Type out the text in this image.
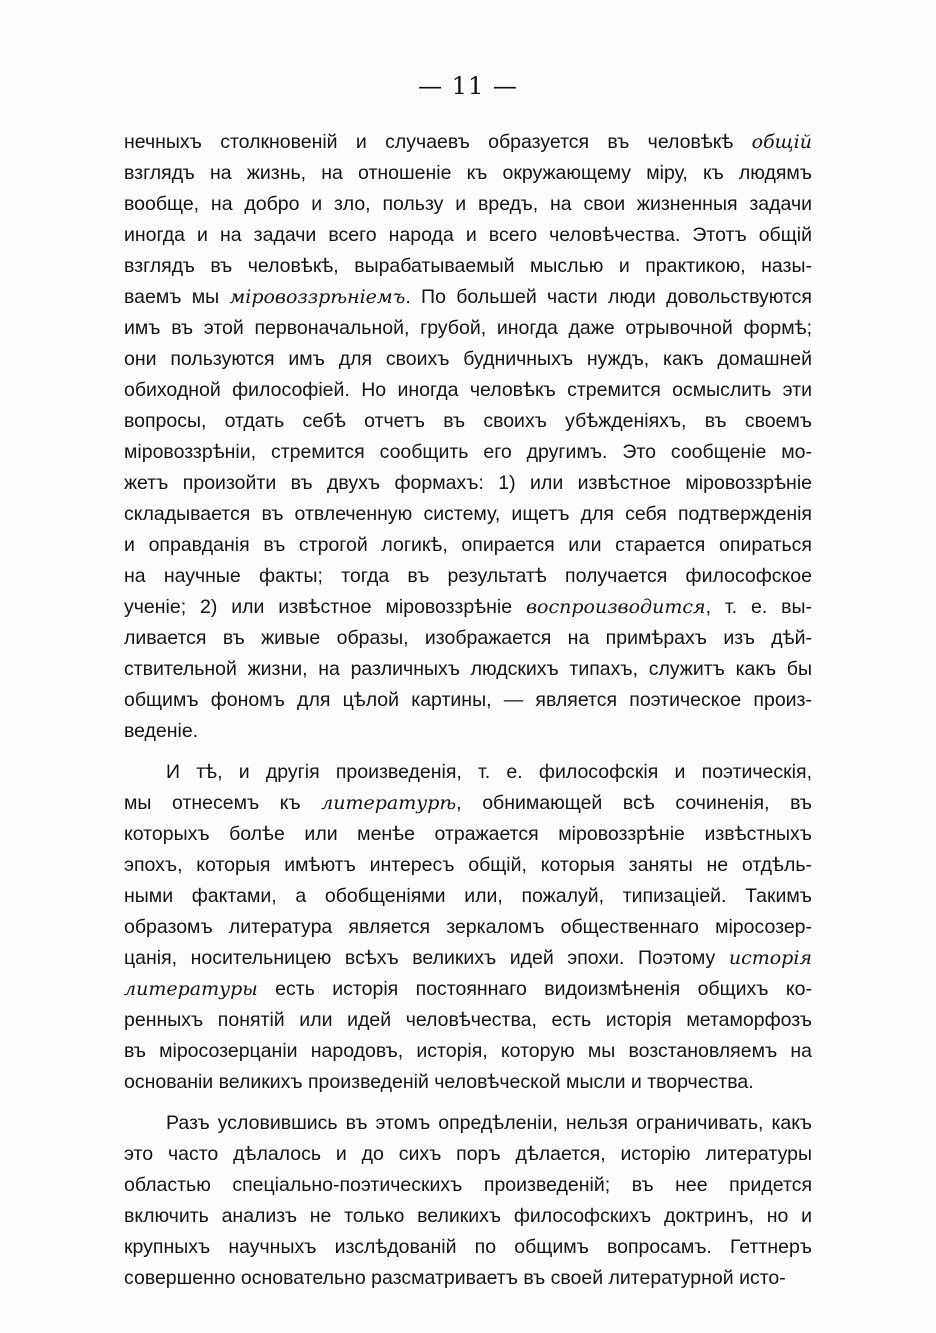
— 11 —
нечныхъ столкновеній и случаевъ образуется въ человѣкѣ общій
взглядъ на жизнь, на отношеніе къ окружающему міру, къ людямъ
вообще, на добро и зло, пользу и вредъ, на свои жизненныя задачи
иногда и на задачи всего народа и всего человѣчества. Этотъ общій
взглядъ въ человѣкѣ, вырабатываемый мыслью и практикою, назы-
ваемъ мы міровоззрѣніемъ. По большей части люди довольствуются
имъ въ этой первоначальной, грубой, иногда даже отрывочной формѣ;
они пользуются имъ для своихъ будничныхъ нуждъ, какъ домашней
обиходной философіей. Но иногда человѣкъ стремится осмыслить эти
вопросы, отдать себѣ отчетъ въ своихъ убѣжденіяхъ, въ своемъ
міровоззрѣніи, стремится сообщить его другимъ. Это сообщеніе мо-
жетъ произойти въ двухъ формахъ: 1) или извѣстное міровоззрѣніе
складывается въ отвлеченную систему, ищетъ для себя подтвержденія
и оправданія въ строгой логикѣ, опирается или старается опираться
на научные факты; тогда въ результатѣ получается философское
ученіе; 2) или извѣстное міровоззрѣніе воспроизводится, т. е. вы-
ливается въ живые образы, изображается на примѣрахъ изъ дѣй-
ствительной жизни, на различныхъ людскихъ типахъ, служитъ какъ бы
общимъ фономъ для цѣлой картины, — является поэтическое произ-
веденіе.
И тѣ, и другія произведенія, т. е. философскія и поэтическія,
мы отнесемъ къ литературѣ, обнимающей всѣ сочиненія, въ
которыхъ болѣе или менѣе отражается міровоззрѣніе извѣстныхъ
эпохъ, которыя имѣютъ интересъ общій, которыя заняты не отдѣль-
ными фактами, а обобщеніями или, пожалуй, типизаціей. Такимъ
образомъ литература является зеркаломъ общественнаго міросозер-
цанія, носительницею всѣхъ великихъ идей эпохи. Поэтому исторія
литературы есть исторія постояннаго видоизмѣненія общихъ ко-
ренныхъ понятій или идей человѣчества, есть исторія метаморфозъ
въ міросозерцаніи народовъ, исторія, которую мы возстановляемъ на
основаніи великихъ произведеній человѣческой мысли и творчества.
Разъ условившись въ этомъ опредѣленіи, нельзя ограничивать, какъ
это часто дѣлалось и до сихъ поръ дѣлается, исторію литературы
областью спеціально-поэтическихъ произведеній; въ нее придется
включить анализъ не только великихъ философскихъ доктринъ, но и
крупныхъ научныхъ изслѣдованій по общимъ вопросамъ. Геттнеръ
совершенно основательно разсматриваетъ въ своей литературной исто-
